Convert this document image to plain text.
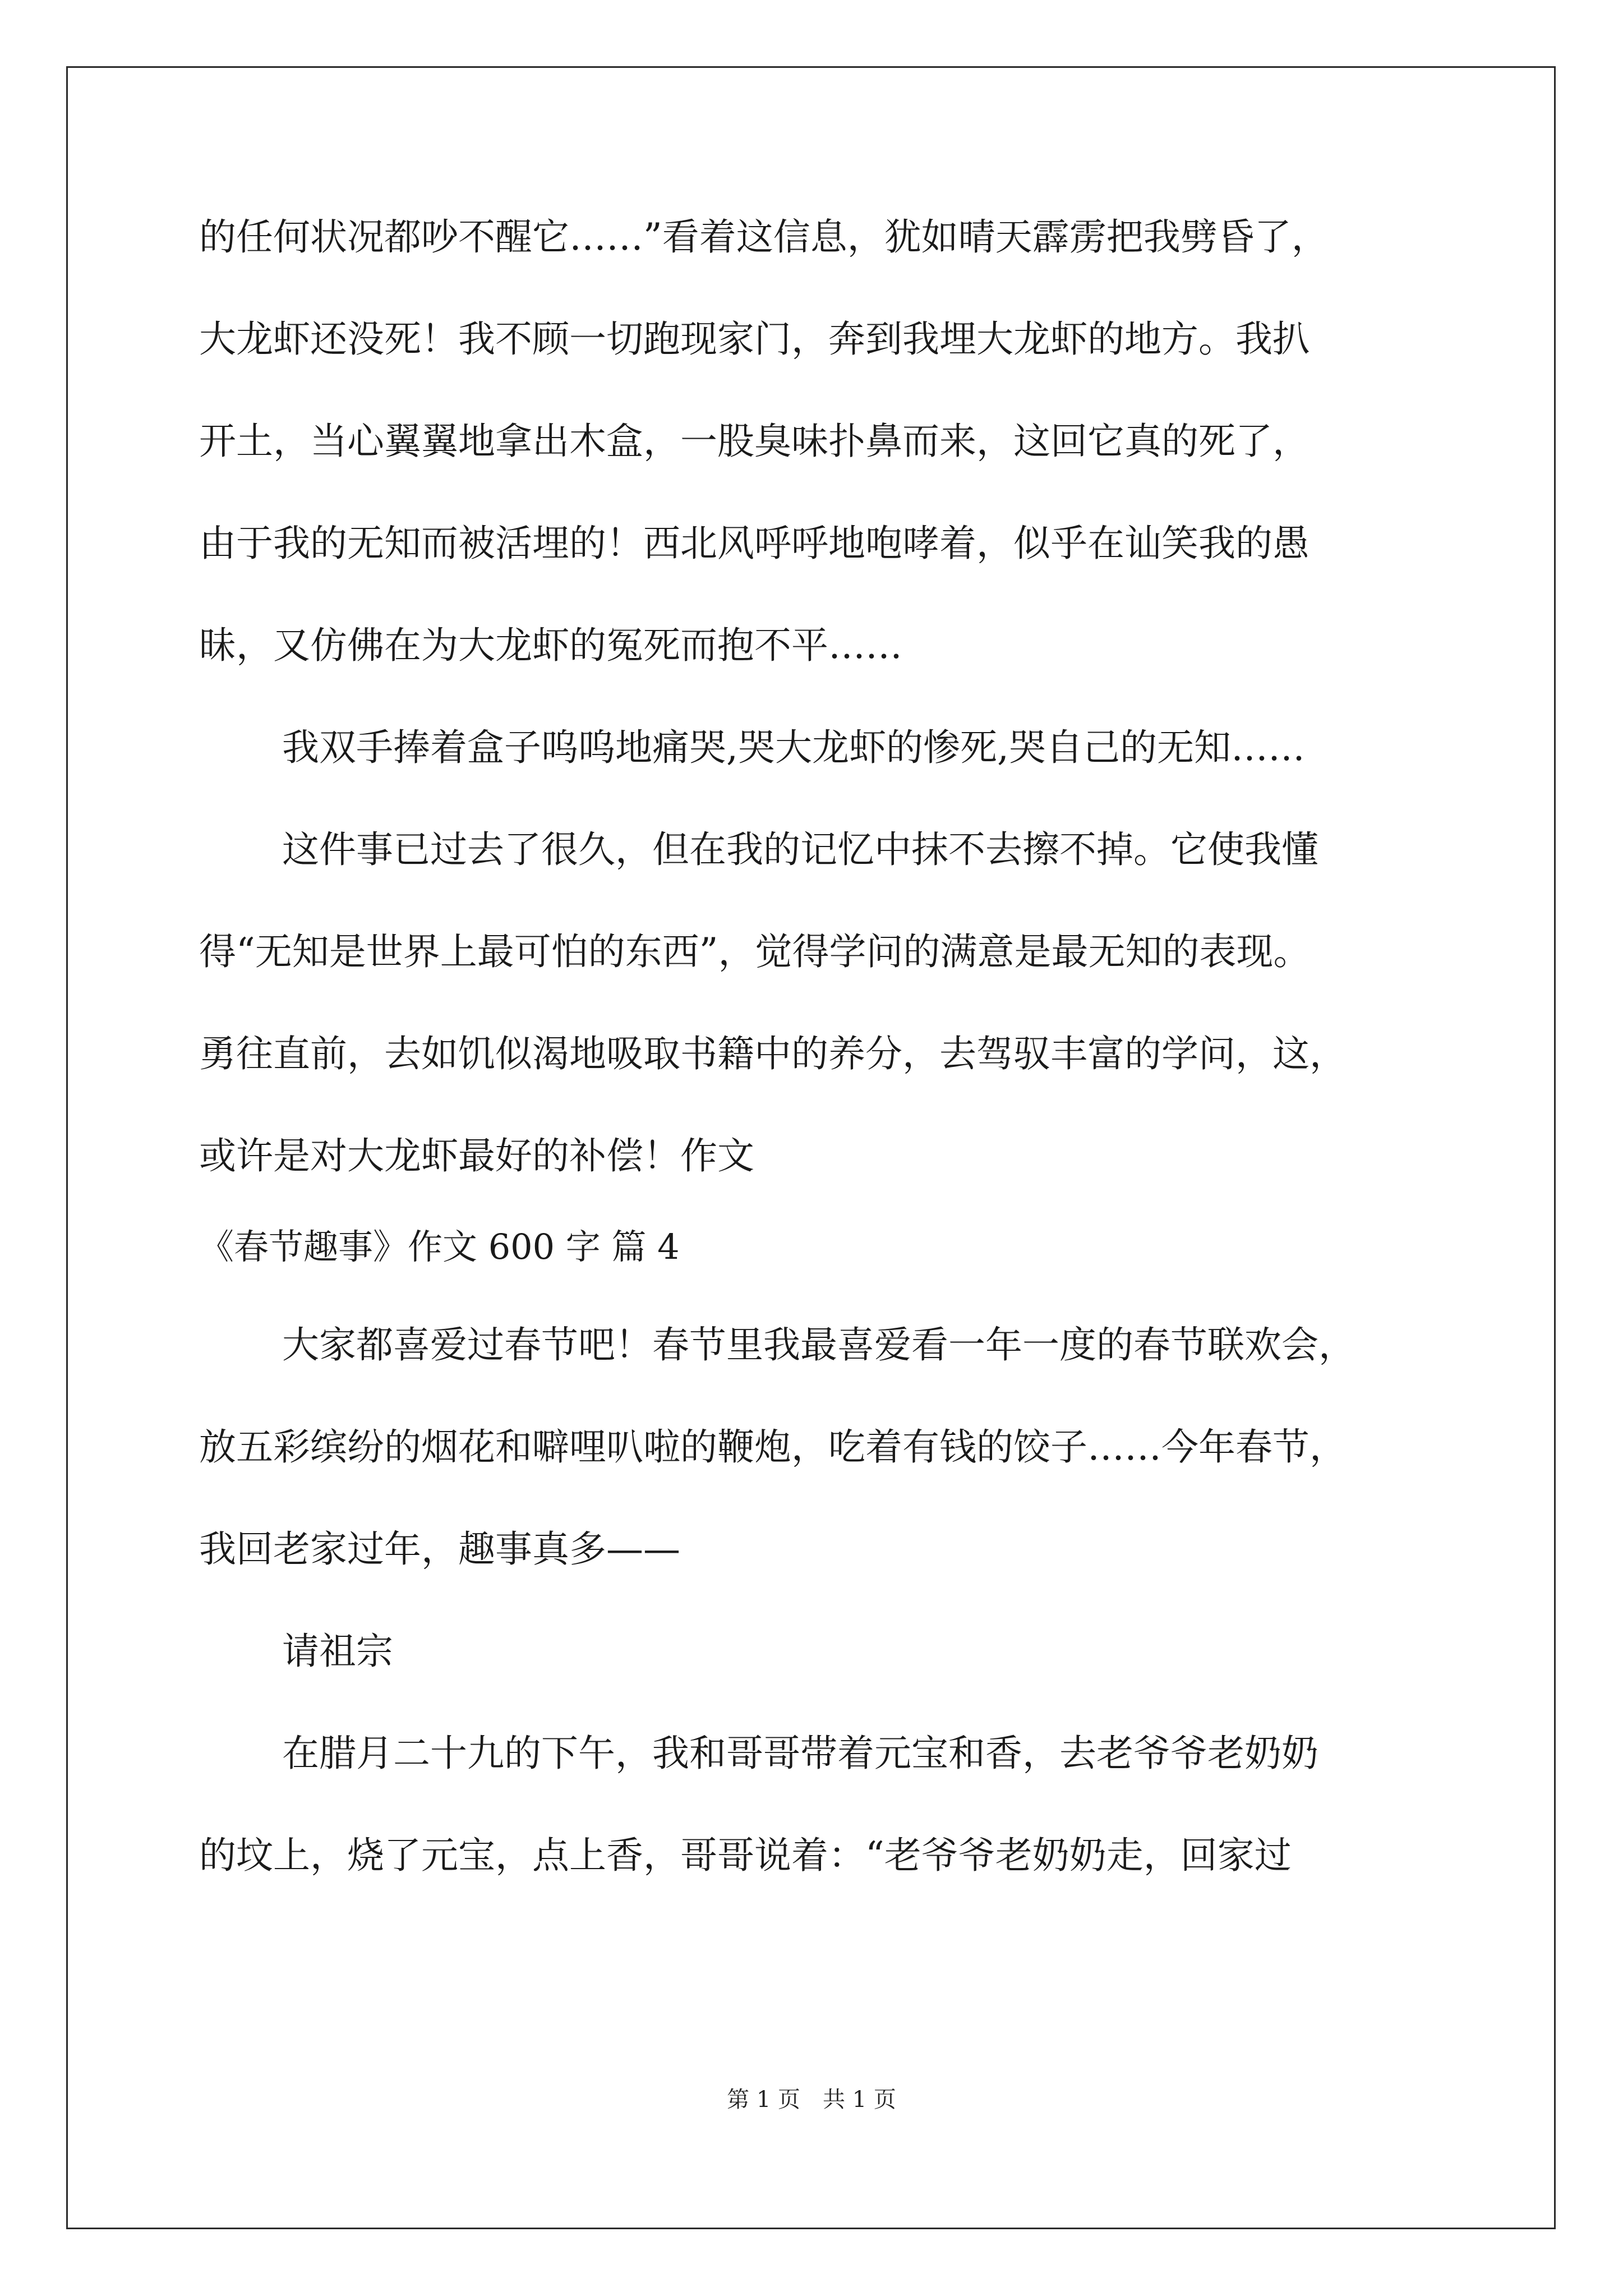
的任何状况都吵不醒它……”看着这信息，犹如晴天霹雳把我劈昏了，
大龙虾还没死！我不顾一切跑现家门，奔到我埋大龙虾的地方。我扒
开土，当心翼翼地拿出木盒，一股臭味扑鼻而来，这回它真的死了，
由于我的无知而被活埋的！西北风呼呼地咆哮着，似乎在讪笑我的愚
昧，又仿佛在为大龙虾的冤死而抱不平……
我双手捧着盒子呜呜地痛哭,哭大龙虾的惨死,哭自己的无知……
这件事已过去了很久，但在我的记忆中抹不去擦不掉。它使我懂
得“无知是世界上最可怕的东西”，觉得学问的满意是最无知的表现。
勇往直前，去如饥似渴地吸取书籍中的养分，去驾驭丰富的学问，这，
或许是对大龙虾最好的补偿！作文
《春节趣事》作文 600 字 篇 4
大家都喜爱过春节吧！春节里我最喜爱看一年一度的春节联欢会，
放五彩缤纷的烟花和噼哩叭啦的鞭炮，吃着有钱的饺子……今年春节，
我回老家过年，趣事真多——
请祖宗
在腊月二十九的下午，我和哥哥带着元宝和香，去老爷爷老奶奶
的坟上，烧了元宝，点上香，哥哥说着：“老爷爷老奶奶走，回家过
第 1 页　共 1 页
